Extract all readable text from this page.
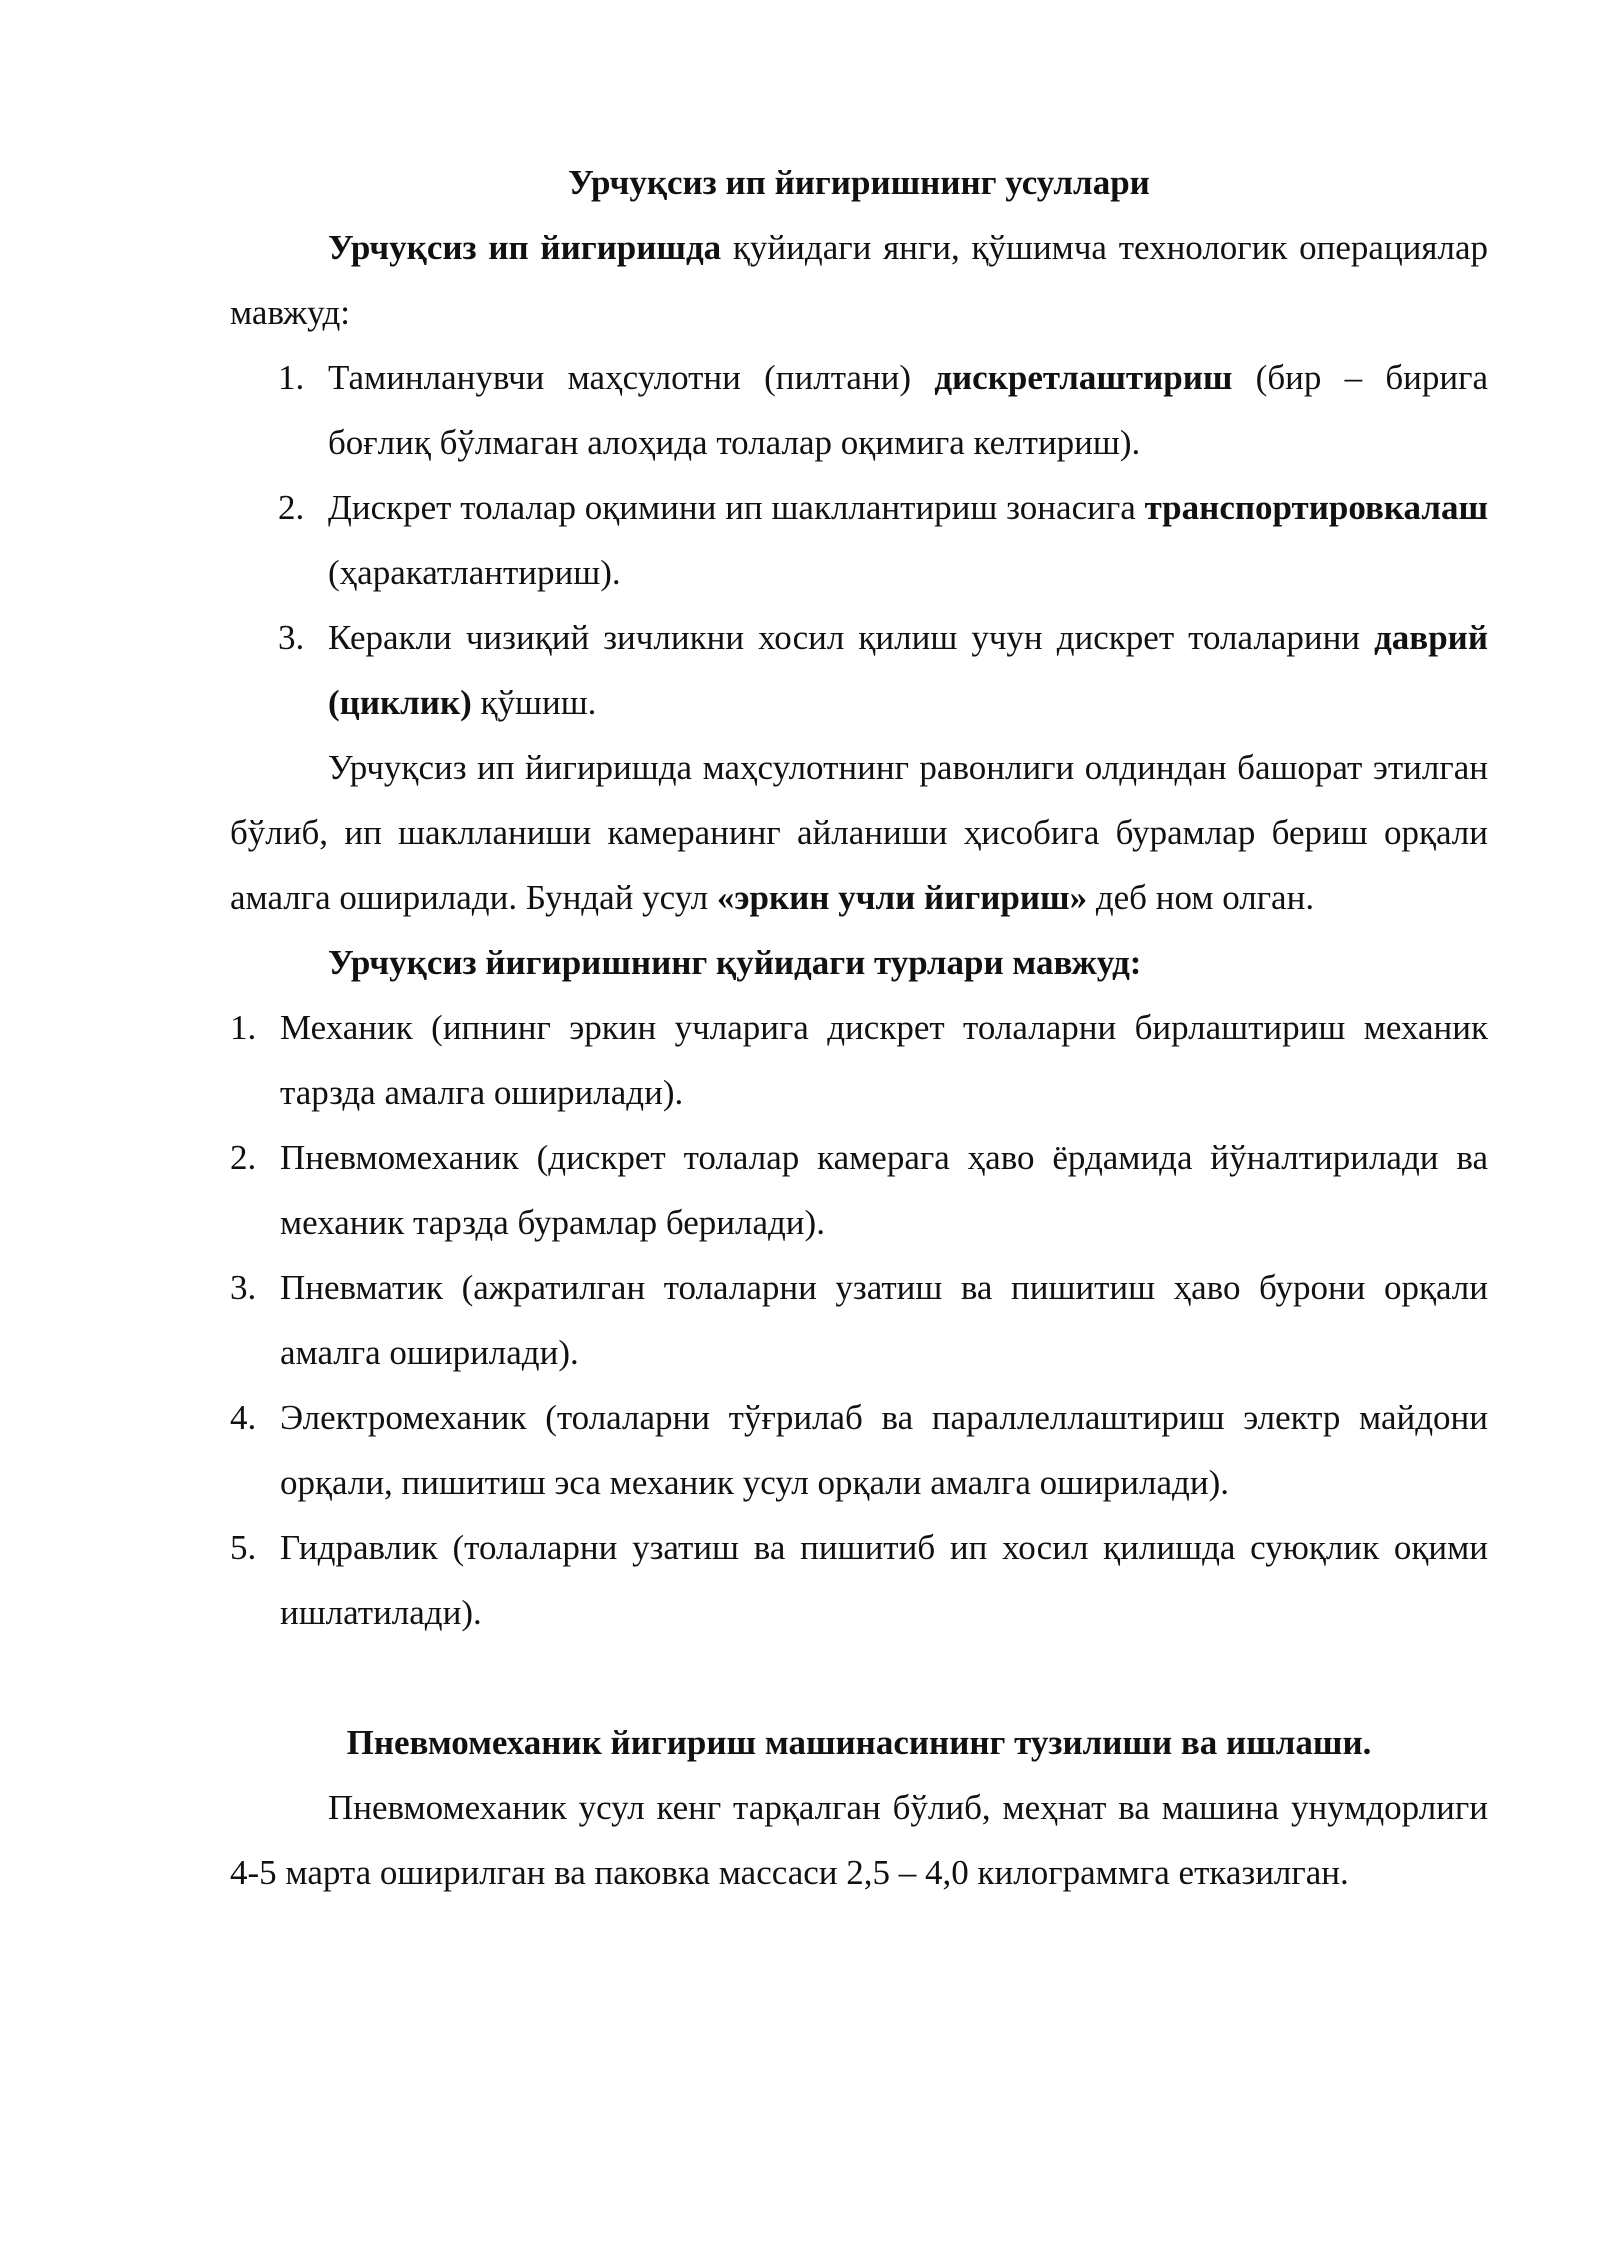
Урчуқсиз ип йигиришнинг усуллари

Урчуқсиз ип йигиришда қуйидаги янги, қўшимча технологик операциялар мавжуд:

1. Таминланувчи маҳсулотни (пилтани) дискретлаштириш (бир – бирига боғлиқ бўлмаган алоҳида толалар оқимига келтириш).
2. Дискрет толалар оқимини ип шакллантириш зонасига транспортировкалаш (ҳаракатлантириш).
3. Керакли чизиқий зичликни хосил қилиш учун дискрет толаларини даврий (циклик) қўшиш.

Урчуқсиз ип йигиришда маҳсулотнинг равонлиги олдиндан башорат этилган бўлиб, ип шаклланиши камеранинг айланиши ҳисобига бурамлар бериш орқали амалга оширилади. Бундай усул «эркин учли йигириш» деб ном олган.

Урчуқсиз йигиришнинг қуйидаги турлари мавжуд:

1. Механик (ипнинг эркин учларига дискрет толаларни бирлаштириш механик тарзда амалга оширилади).
2. Пневмомеханик (дискрет толалар камерага ҳаво ёрдамида йўналтирилади ва механик тарзда бурамлар берилади).
3. Пневматик (ажратилган толаларни узатиш ва пишитиш ҳаво бурони орқали амалга оширилади).
4. Электромеханик (толаларни тўғрилаб ва параллеллаштириш электр майдони орқали, пишитиш эса механик усул орқали амалга оширилади).
5. Гидравлик (толаларни узатиш ва пишитиб ип хосил қилишда суюқлик оқими ишлатилади).

Пневмомеханик йигириш машинасининг тузилиши ва ишлаши.

Пневмомеханик усул кенг тарқалган бўлиб, меҳнат ва машина унумдорлиги 4-5 марта оширилган ва паковка массаси 2,5 – 4,0 килограммга етказилган.
